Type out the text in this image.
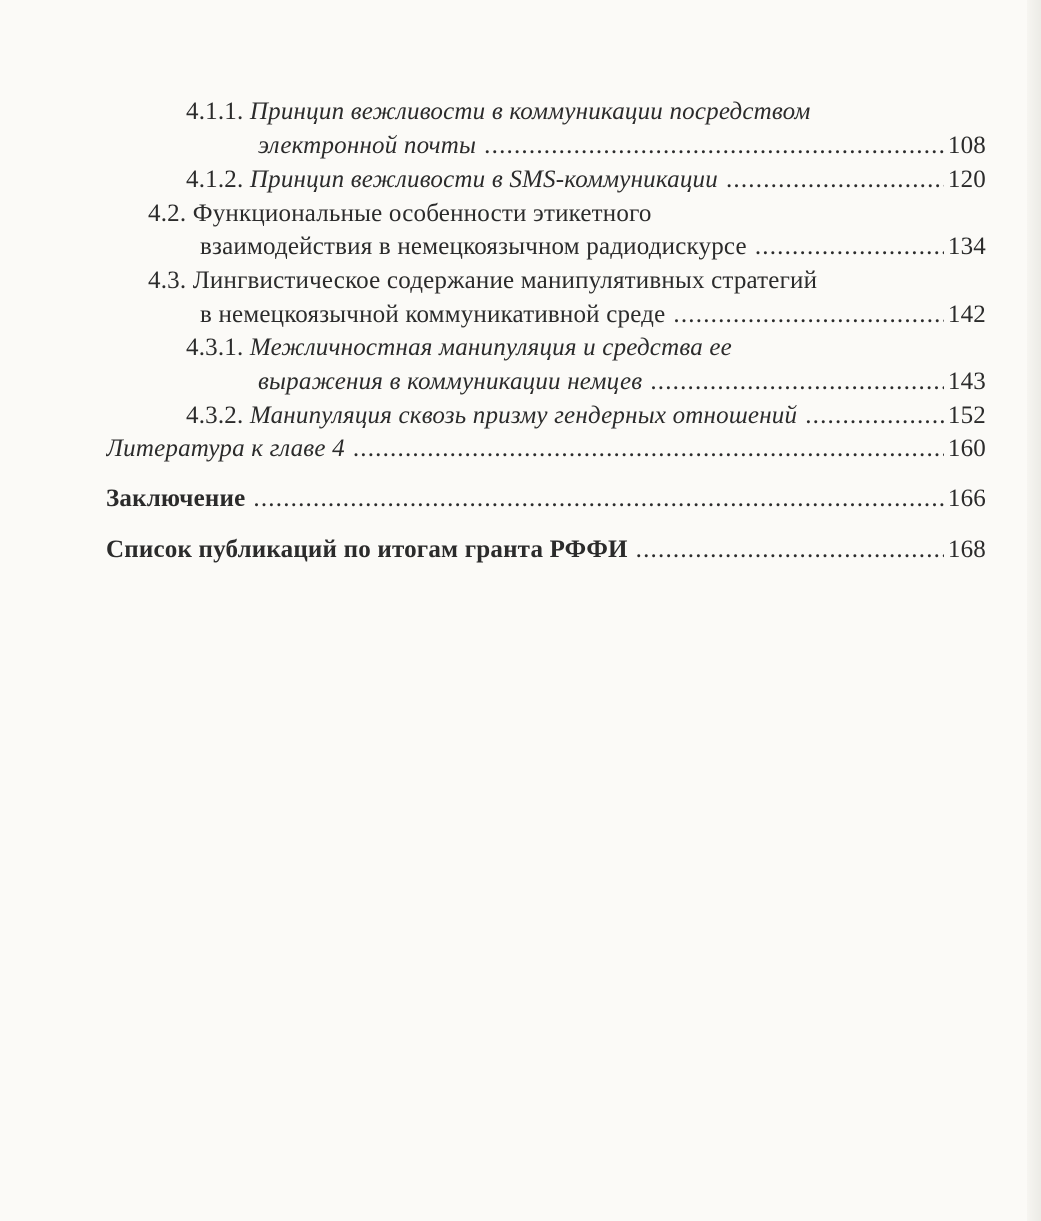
4.1.1. Принцип вежливости в коммуникации посредством
электронной почты .....	108
4.1.2. Принцип вежливости в SMS-коммуникации .....	120
4.2. Функциональные особенности этикетного
взаимодействия в немецкоязычном радиодискурсе .....	134
4.3. Лингвистическое содержание манипулятивных стратегий
в немецкоязычной коммуникативной среде .....	142
4.3.1. Межличностная манипуляция и средства ее
выражения в коммуникации немцев .....	143
4.3.2. Манипуляция сквозь призму гендерных отношений .....	152
Литература к главе 4 .....	160
Заключение .....	166
Список публикаций по итогам гранта РФФИ .....	168
